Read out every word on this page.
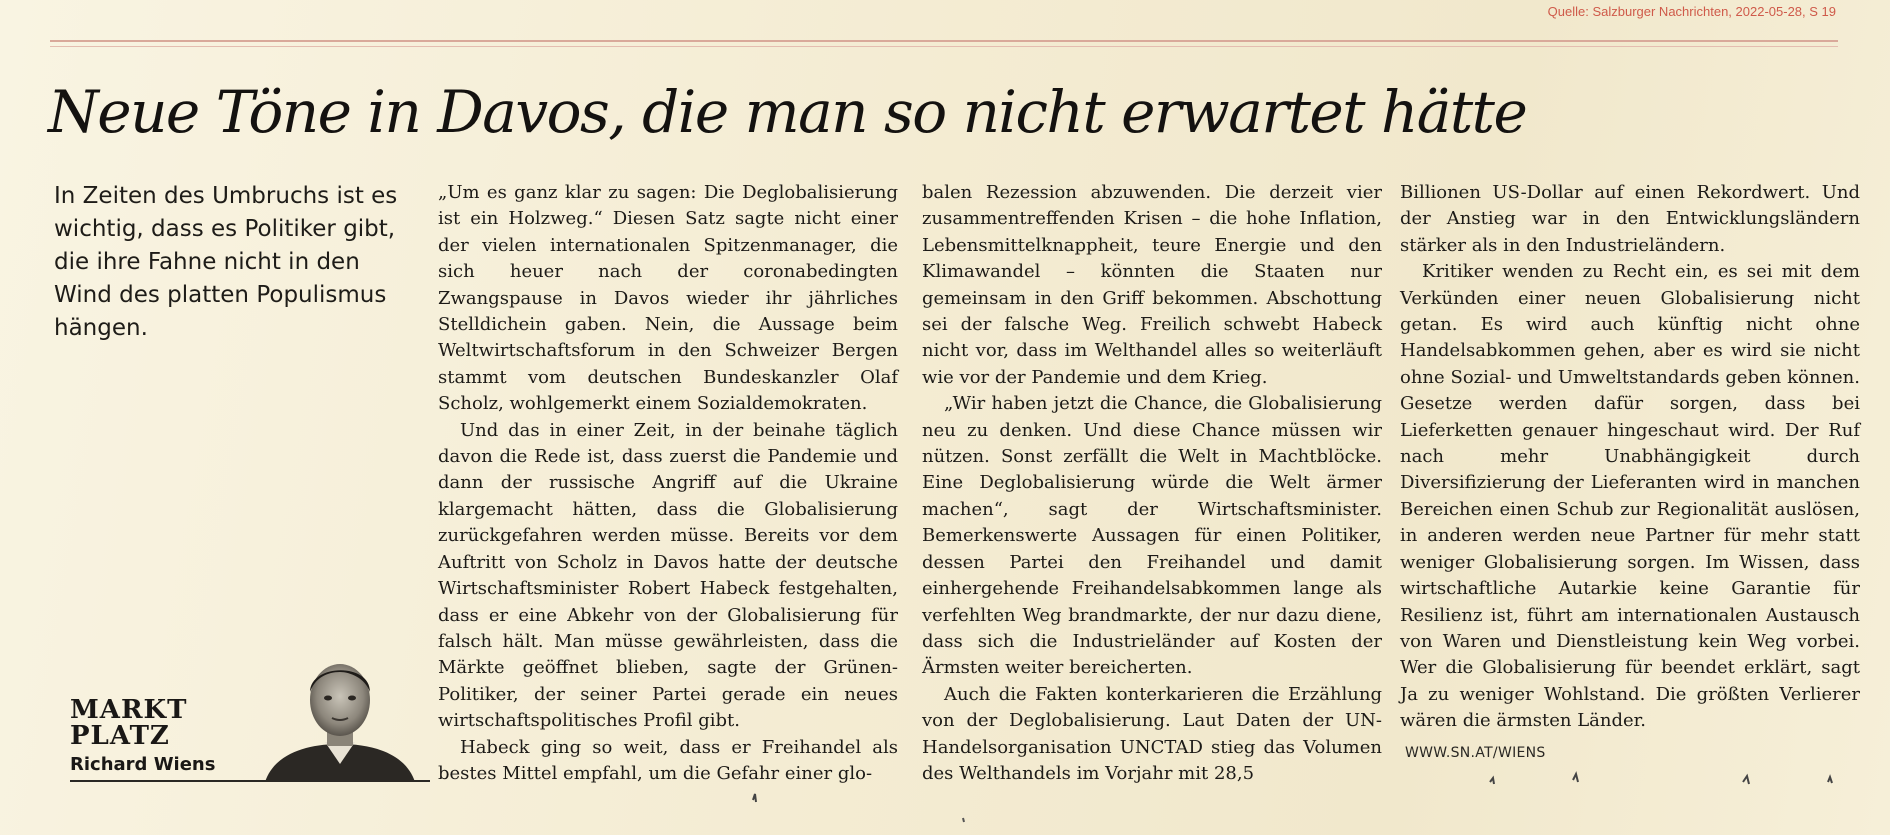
Quelle: Salzburger Nachrichten, 2022-05-28, S 19
Neue Töne in Davos, die man so nicht erwartet hätte

In Zeiten des Umbruchs ist es wichtig, dass es Politiker gibt, die ihre Fahne nicht in den Wind des platten Populismus hängen.

„Um es ganz klar zu sagen: Die Deglobalisierung ist ein Holzweg.“ Diesen Satz sagte nicht einer der vielen internationalen Spitzenmanager, die sich heuer nach der coronabedingten Zwangspause in Davos wieder ihr jährliches Stelldichein gaben. Nein, die Aussage beim Weltwirtschaftsforum in den Schweizer Bergen stammt vom deutschen Bundeskanzler Olaf Scholz, wohlgemerkt einem Sozialdemokraten.

Und das in einer Zeit, in der beinahe täglich davon die Rede ist, dass zuerst die Pandemie und dann der russische Angriff auf die Ukraine klargemacht hätten, dass die Globalisierung zurückgefahren werden müsse. Bereits vor dem Auftritt von Scholz in Davos hatte der deutsche Wirtschaftsminister Robert Habeck festgehalten, dass er eine Abkehr von der Globalisierung für falsch hält. Man müsse gewährleisten, dass die Märkte geöffnet blieben, sagte der Grünen-Politiker, der seiner Partei gerade ein neues wirtschaftspolitisches Profil gibt.

Habeck ging so weit, dass er Freihandel als bestes Mittel empfahl, um die Gefahr einer glo-

balen Rezession abzuwenden. Die derzeit vier zusammentreffenden Krisen – die hohe Inflation, Lebensmittelknappheit, teure Energie und den Klimawandel – könnten die Staaten nur gemeinsam in den Griff bekommen. Abschottung sei der falsche Weg. Freilich schwebt Habeck nicht vor, dass im Welthandel alles so weiterläuft wie vor der Pandemie und dem Krieg.

„Wir haben jetzt die Chance, die Globalisierung neu zu denken. Und diese Chance müssen wir nützen. Sonst zerfällt die Welt in Machtblöcke. Eine Deglobalisierung würde die Welt ärmer machen“, sagt der Wirtschaftsminister. Bemerkenswerte Aussagen für einen Politiker, dessen Partei den Freihandel und damit einhergehende Freihandelsabkommen lange als verfehlten Weg brandmarkte, der nur dazu diene, dass sich die Industrieländer auf Kosten der Ärmsten weiter bereicherten.

Auch die Fakten konterkarieren die Erzählung von der Deglobalisierung. Laut Daten der UN-Handelsorganisation UNCTAD stieg das Volumen des Welthandels im Vorjahr mit 28,5

Billionen US-Dollar auf einen Rekordwert. Und der Anstieg war in den Entwicklungsländern stärker als in den Industrieländern.

Kritiker wenden zu Recht ein, es sei mit dem Verkünden einer neuen Globalisierung nicht getan. Es wird auch künftig nicht ohne Handelsabkommen gehen, aber es wird sie nicht ohne Sozial- und Umweltstandards geben können. Gesetze werden dafür sorgen, dass bei Lieferketten genauer hingeschaut wird. Der Ruf nach mehr Unabhängigkeit durch Diversifizierung der Lieferanten wird in manchen Bereichen einen Schub zur Regionalität auslösen, in anderen werden neue Partner für mehr statt weniger Globalisierung sorgen. Im Wissen, dass wirtschaftliche Autarkie keine Garantie für Resilienz ist, führt am internationalen Austausch von Waren und Dienstleistung kein Weg vorbei. Wer die Globalisierung für beendet erklärt, sagt Ja zu weniger Wohlstand. Die größten Verlierer wären die ärmsten Länder.

WWW.SN.AT/WIENS
MARKT
PLATZ
Richard Wiens
